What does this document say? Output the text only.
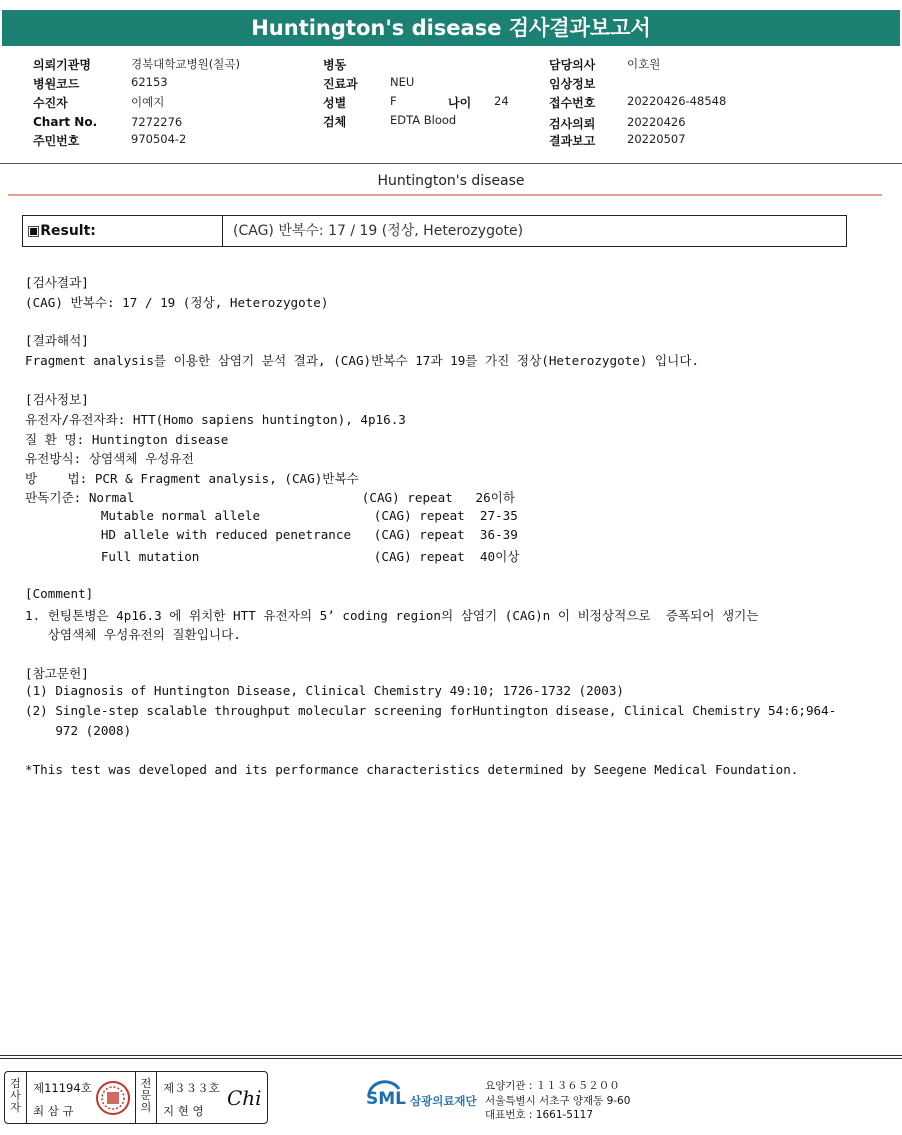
Huntington's disease 검사결과보고서
의뢰기관명	경북대학교병원(칠곡)
병원코드	62153
수진자	이예지
Chart No.	7272276
주민번호	970504-2
병동
진료과	NEU
성별	F	나이 24
검체	EDTA Blood
담당의사	이호원
임상정보
접수번호	20220426-48548
검사의뢰	20220426
결과보고	20220507
Huntington's disease
▣Result:	(CAG) 반복수: 17 / 19 (정상, Heterozygote)
[검사결과]
(CAG) 반복수: 17 / 19 (정상, Heterozygote)
[결과해석]
Fragment analysis를 이용한 삼염기 분석 결과, (CAG)반복수 17과 19를 가진 정상(Heterozygote) 입니다.
[검사정보]
유전자/유전자좌: HTT(Homo sapiens huntington), 4p16.3
질 환 명: Huntington disease
유전방식: 상염색체 우성유전
방    법: PCR & Fragment analysis, (CAG)반복수
판독기준: Normal                              (CAG) repeat   26이하
Mutable normal allele               (CAG) repeat  27-35
HD allele with reduced penetrance   (CAG) repeat  36-39
Full mutation                       (CAG) repeat  40이상
[Comment]
1. 헌팅톤병은 4p16.3 에 위치한 HTT 유전자의 5’ coding region의 삼염기 (CAG)n 이 비정상적으로  증폭되어 생기는
상염색체 우성유전의 질환입니다.
[참고문헌]
(1) Diagnosis of Huntington Disease, Clinical Chemistry 49:10; 1726-1732 (2003)
(2) Single-step scalable throughput molecular screening forHuntington disease, Clinical Chemistry 54:6;964-
972 (2008)
*This test was developed and its performance characteristics determined by Seegene Medical Foundation.
검사자
제11194호
최 삼 규
전문의
제３３３호
지 현 영
Chi	SML 삼광의료재단
요양기관 : １１３６５２００
서울특별시 서초구 양재동 9-60
대표번호 : 1661-5117
